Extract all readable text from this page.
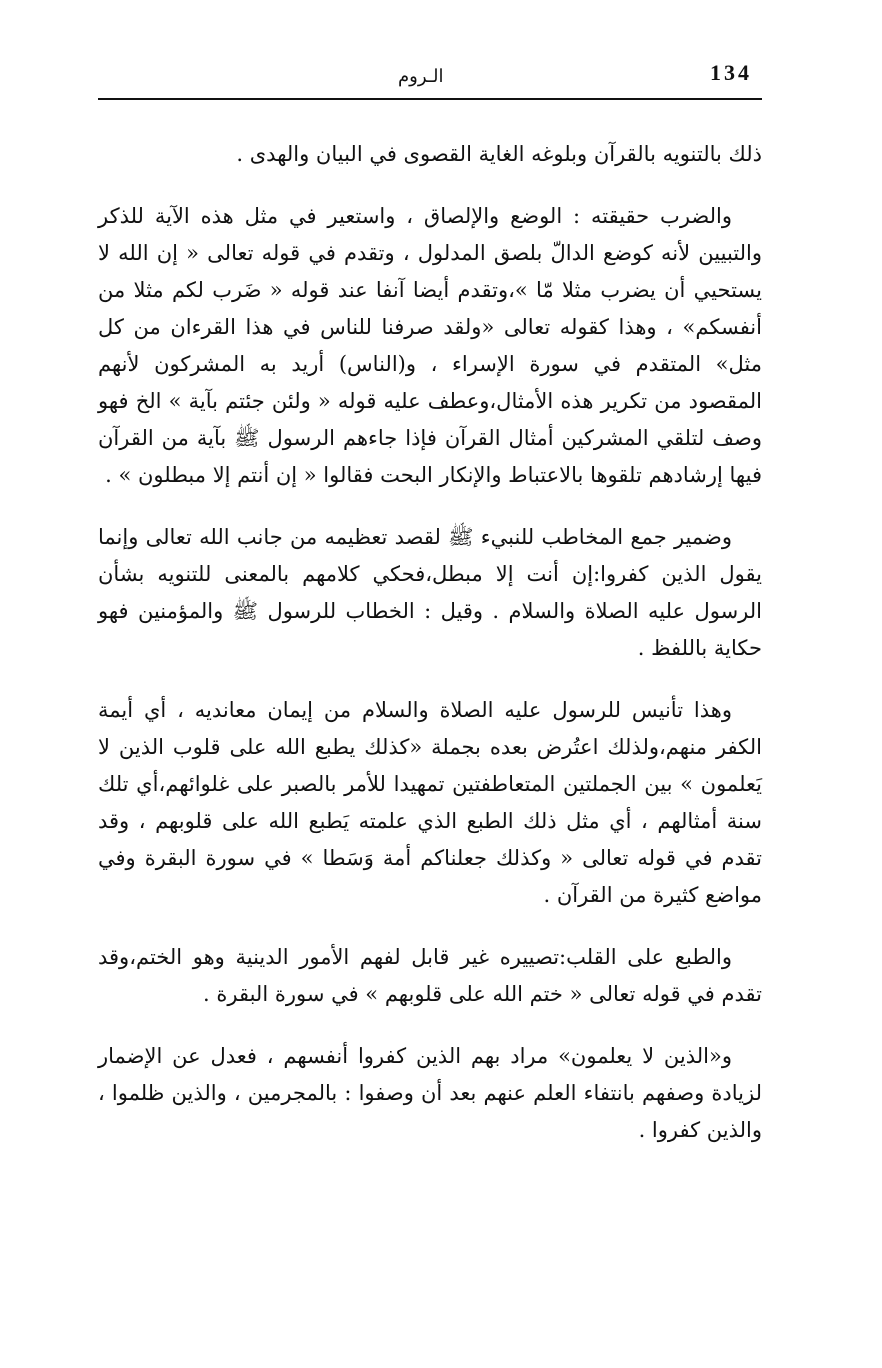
134
الـروم

ذلك بالتنويه بالقرآن وبلوغه الغاية القصوى في البيان والهدى .

والضرب حقيقته : الوضع والإلصاق ، واستعير في مثل هذه الآية للذكر والتبيين لأنه كوضع الدالّ بلصق المدلول ، وتقدم في قوله تعالى « إن الله لا يستحيي أن يضرب مثلا مّا »،وتقدم أيضا آنفا عند قوله « ضَرب لكم مثلا من أنفسكم» ، وهذا كقوله تعالى «ولقد صرفنا للناس في هذا القرءان من كل مثل» المتقدم في سورة الإسراء ، و(الناس) أريد به المشركون لأنهم المقصود من تكرير هذه الأمثال،وعطف عليه قوله « ولئن جئتم بآية » الخ فهو وصف لتلقي المشركين أمثال القرآن فإذا جاءهم الرسول ﷺ بآية من القرآن فيها إرشادهم تلقوها بالاعتباط والإنكار البحت فقالوا « إن أنتم إلا مبطلون » .

وضمير جمع المخاطب للنبيء ﷺ لقصد تعظيمه من جانب الله تعالى وإنما يقول الذين كفروا:إن أنت إلا مبطل،فحكي كلامهم بالمعنى للتنويه بشأن الرسول عليه الصلاة والسلام . وقيل : الخطاب للرسول ﷺ والمؤمنين فهو حكاية باللفظ .

وهذا تأنيس للرسول عليه الصلاة والسلام من إيمان معانديه ، أي أيمة الكفر منهم،ولذلك اعتُرض بعده بجملة «كذلك يطبع الله على قلوب الذين لا يَعلمون » بين الجملتين المتعاطفتين تمهيدا للأمر بالصبر على غلوائهم،أي تلك سنة أمثالهم ، أي مثل ذلك الطبع الذي علمته يَطبع الله على قلوبهم ، وقد تقدم في قوله تعالى « وكذلك جعلناكم أمة وَسَطا » في سورة البقرة وفي مواضع كثيرة من القرآن .

والطبع على القلب:تصييره غير قابل لفهم الأمور الدينية وهو الختم،وقد تقدم في قوله تعالى « ختم الله على قلوبهم » في سورة البقرة .

و«الذين لا يعلمون» مراد بهم الذين كفروا أنفسهم ، فعدل عن الإضمار لزيادة وصفهم بانتفاء العلم عنهم بعد أن وصفوا : بالمجرمين ، والذين ظلموا ، والذين كفروا .
